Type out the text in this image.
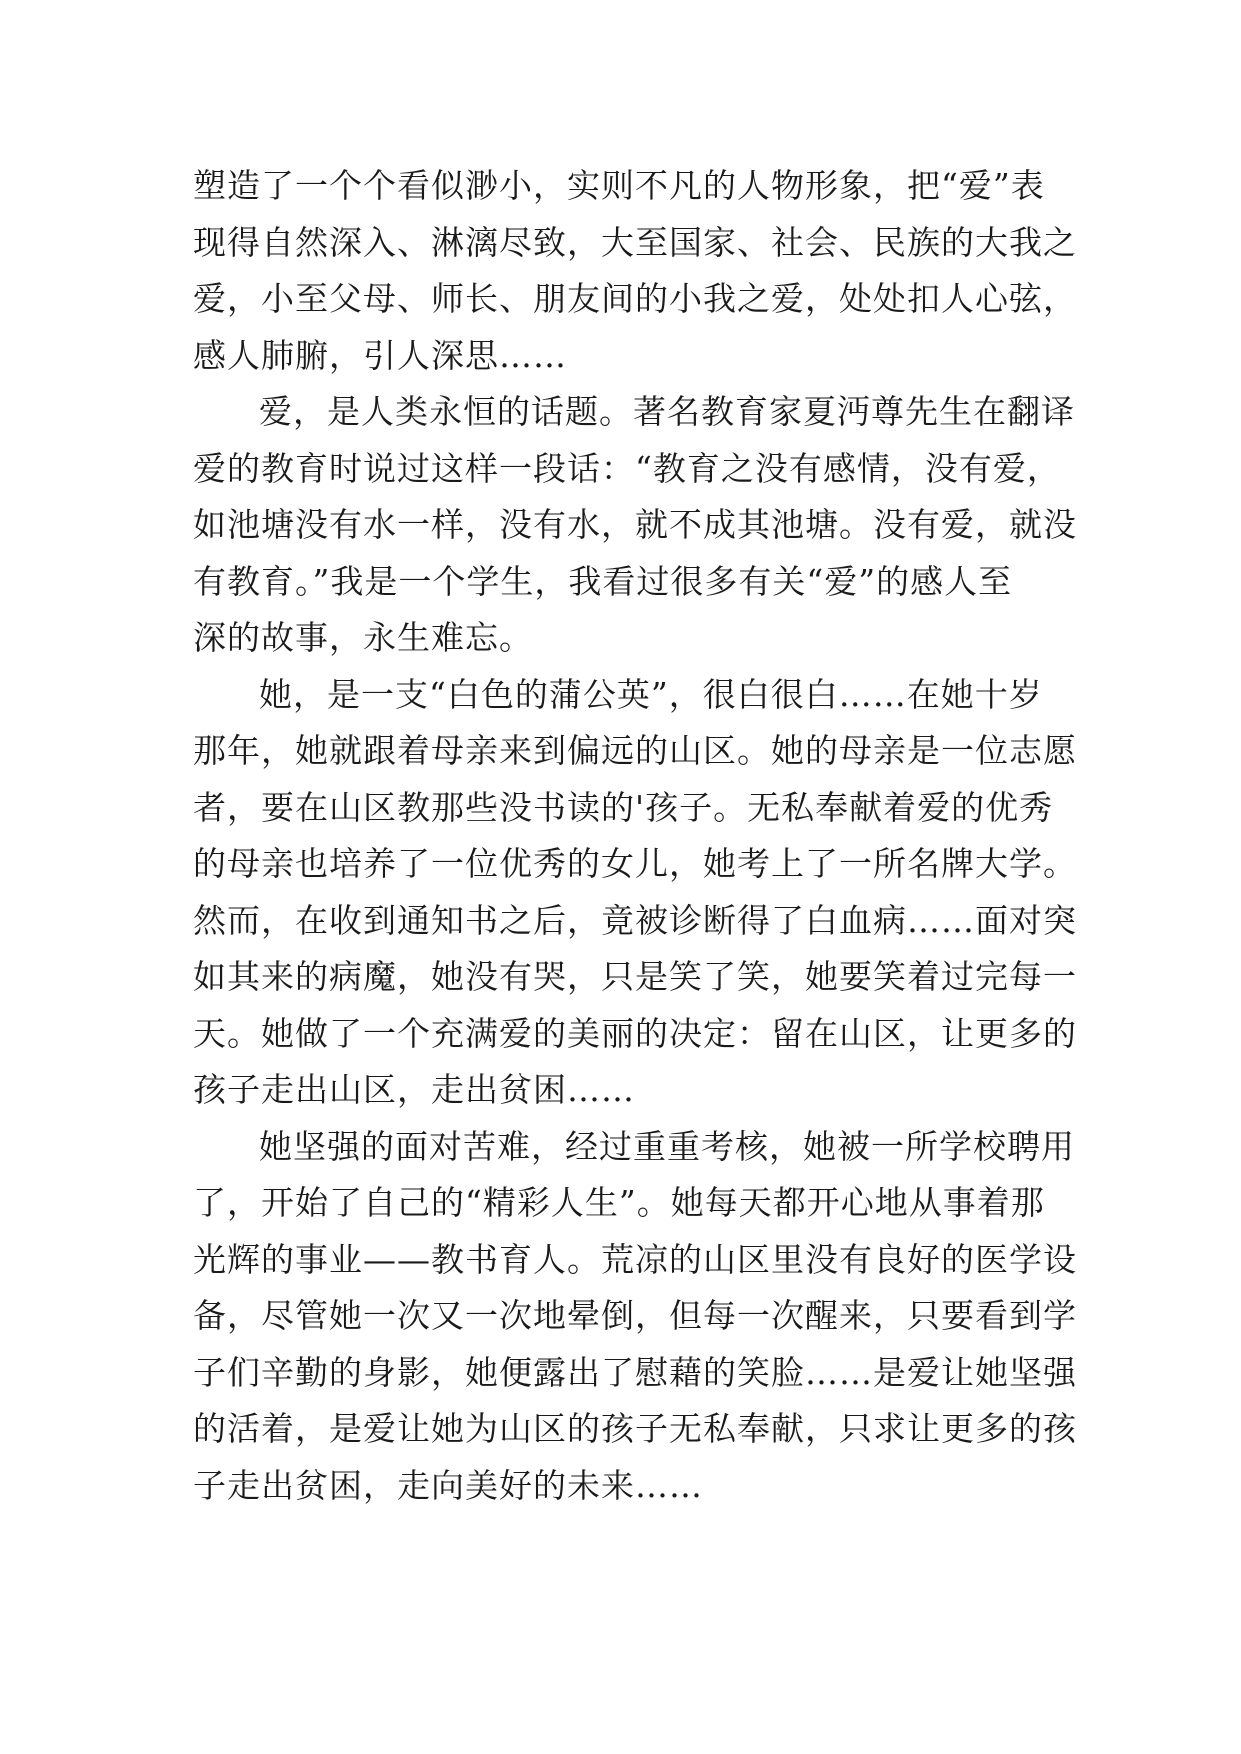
塑造了一个个看似渺小，实则不凡的人物形象，把“爱”表
现得自然深入、淋漓尽致，大至国家、社会、民族的大我之
爱，小至父母、师长、朋友间的小我之爱，处处扣人心弦，
感人肺腑，引人深思……
爱，是人类永恒的话题。著名教育家夏沔尊先生在翻译
爱的教育时说过这样一段话：“教育之没有感情，没有爱，
如池塘没有水一样，没有水，就不成其池塘。没有爱，就没
有教育。”我是一个学生，我看过很多有关“爱”的感人至
深的故事，永生难忘。
她，是一支“白色的蒲公英”，很白很白……在她十岁
那年，她就跟着母亲来到偏远的山区。她的母亲是一位志愿
者，要在山区教那些没书读的'孩子。无私奉献着爱的优秀
的母亲也培养了一位优秀的女儿，她考上了一所名牌大学。
然而，在收到通知书之后，竟被诊断得了白血病……面对突
如其来的病魔，她没有哭，只是笑了笑，她要笑着过完每一
天。她做了一个充满爱的美丽的决定：留在山区，让更多的
孩子走出山区，走出贫困……
她坚强的面对苦难，经过重重考核，她被一所学校聘用
了，开始了自己的“精彩人生”。她每天都开心地从事着那
光辉的事业——教书育人。荒凉的山区里没有良好的医学设
备，尽管她一次又一次地晕倒，但每一次醒来，只要看到学
子们辛勤的身影，她便露出了慰藉的笑脸……是爱让她坚强
的活着，是爱让她为山区的孩子无私奉献，只求让更多的孩
子走出贫困，走向美好的未来……
